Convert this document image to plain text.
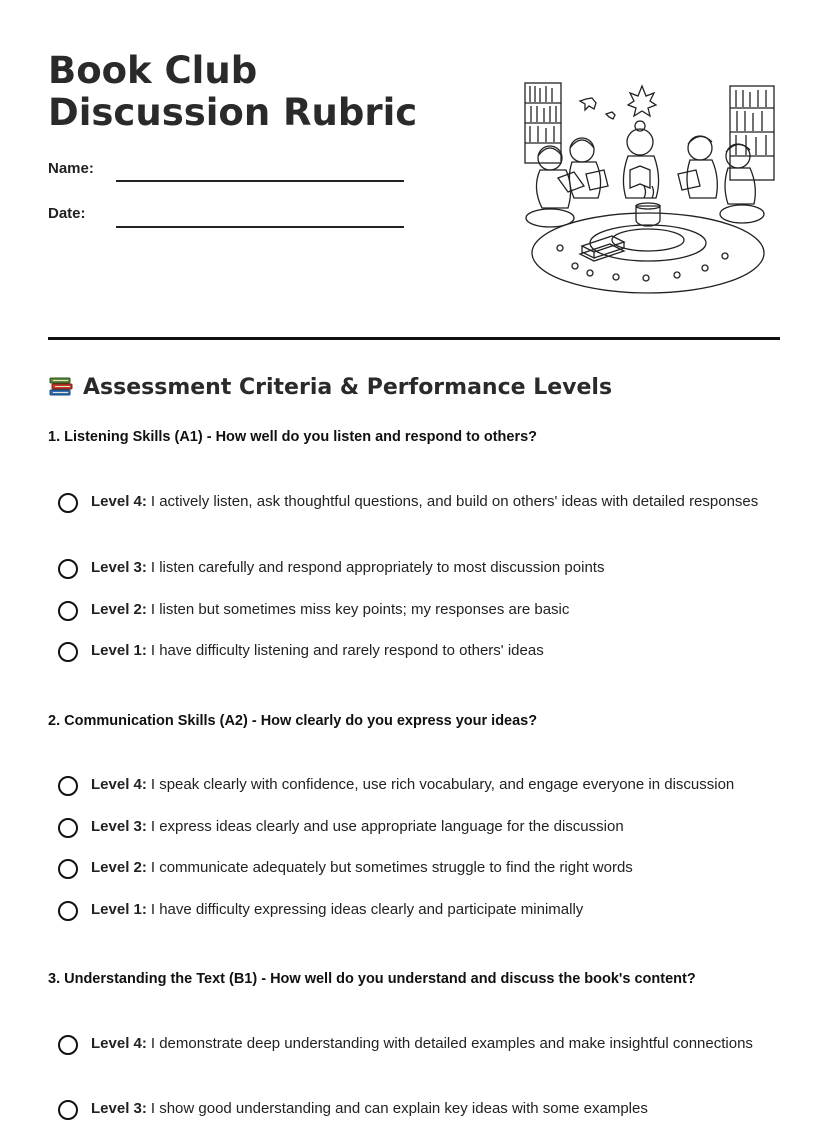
Book Club Discussion Rubric
Name:
Date:
Assessment Criteria & Performance Levels

1. Listening Skills (A1) - How well do you listen and respond to others?

Level 4: I actively listen, ask thoughtful questions, and build on others' ideas with detailed responses
Level 3: I listen carefully and respond appropriately to most discussion points
Level 2: I listen but sometimes miss key points; my responses are basic
Level 1: I have difficulty listening and rarely respond to others' ideas

2. Communication Skills (A2) - How clearly do you express your ideas?

Level 4: I speak clearly with confidence, use rich vocabulary, and engage everyone in discussion
Level 3: I express ideas clearly and use appropriate language for the discussion
Level 2: I communicate adequately but sometimes struggle to find the right words
Level 1: I have difficulty expressing ideas clearly and participate minimally

3. Understanding the Text (B1) - How well do you understand and discuss the book's content?

Level 4: I demonstrate deep understanding with detailed examples and make insightful connections
Level 3: I show good understanding and can explain key ideas with some examples
